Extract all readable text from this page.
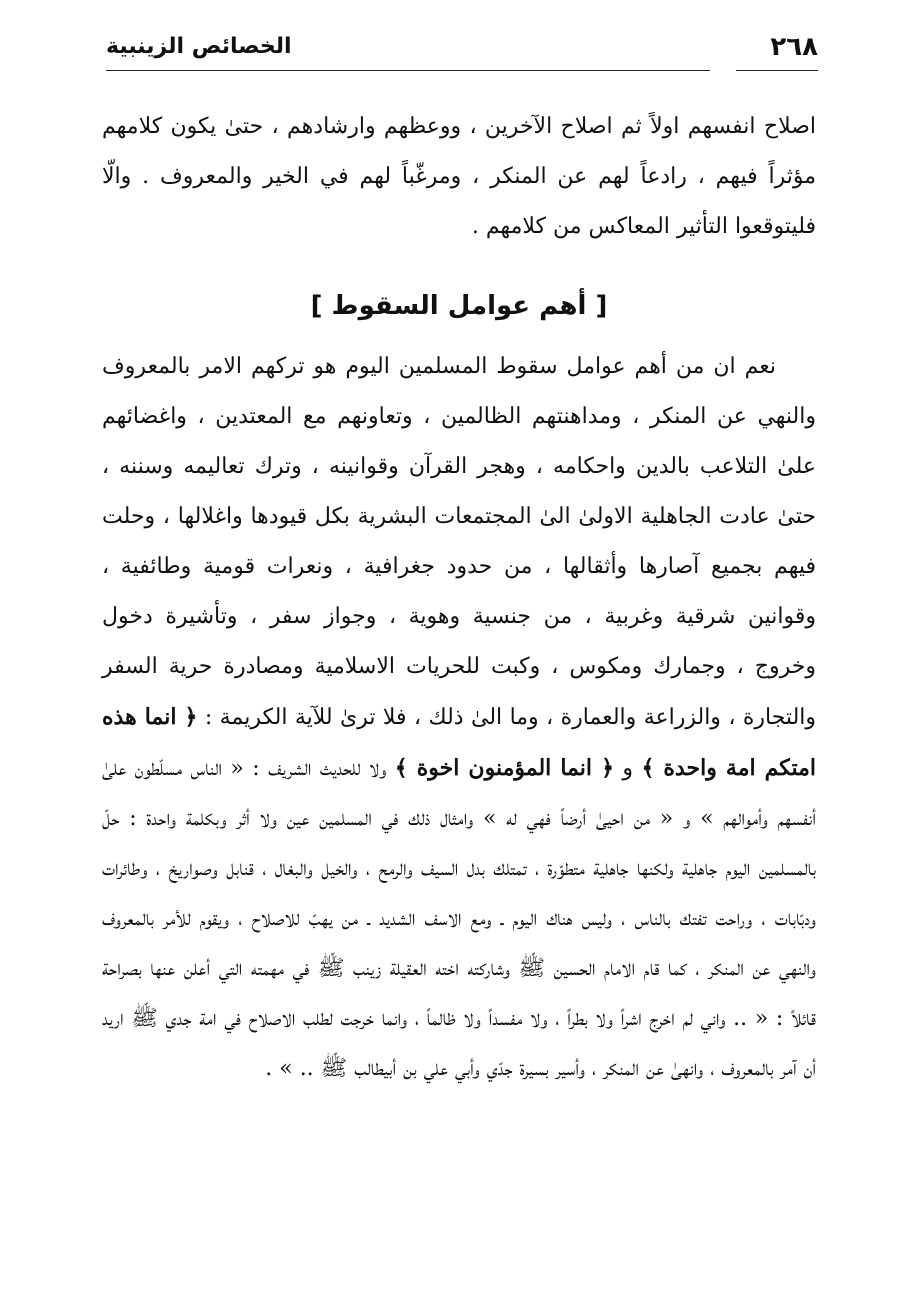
٢٦٨
الخصائص الزينبية

اصلاح انفسهم اولاً ثم اصلاح الآخرين ، ووعظهم وارشادهم ، حتىٰ يكون كلامهم مؤثراً فيهم ، رادعاً لهم عن المنكر ، ومرغّباً لهم في الخير والمعروف . والّا فليتوقعوا التأثير المعاكس من كلامهم .

[ أهم عوامل السقوط ]

نعم ان من أهم عوامل سقوط المسلمين اليوم هو تركهم الامر بالمعروف والنهي عن المنكر ، ومداهنتهم الظالمين ، وتعاونهم مع المعتدين ، واغضائهم علىٰ التلاعب بالدين واحكامه ، وهجر القرآن وقوانينه ، وترك تعاليمه وسننه ، حتىٰ عادت الجاهلية الاولىٰ الىٰ المجتمعات البشرية بكل قيودها واغلالها ، وحلت فيهم بجميع آصارها وأثقالها ، من حدود جغرافية ، ونعرات قومية وطائفية ، وقوانين شرقية وغربية ، من جنسية وهوية ، وجواز سفر ، وتأشيرة دخول وخروج ، وجمارك ومكوس ، وكبت للحريات الاسلامية ومصادرة حرية السفر والتجارة ، والزراعة والعمارة ، وما الىٰ ذلك ، فلا ترىٰ للآية الكريمة : ﴿ انما هذه امتكم امة واحدة ﴾ و ﴿ انما المؤمنون اخوة ﴾ ولا للحديث الشريف : « الناس مسلّطون علىٰ أنفسهم وأموالهم » و « من احيىٰ أرضاً فهي له » وامثال ذلك في المسلمين عين ولا أثر وبكلمة واحدة : حلّ بالمسلمين اليوم جاهلية ولكنها جاهلية متطوّرة ، تمتلك بدل السيف والرمح ، والخيل والبغال ، قنابل وصواريخ ، وطائرات ودبّابات ، وراحت تفتك بالناس ، وليس هناك اليوم ـ ومع الاسف الشديد ـ من يهبّ للاصلاح ، ويقوم للأمر بالمعروف والنهي عن المنكر ، كما قام الامام الحسين ﷺ وشاركته اخته العقيلة زينب ﷺ في مهمته التي أعلن عنها بصراحة قائلاً : « .. واني لم اخرج اشراً ولا بطراً ، ولا مفسداً ولا ظالماً ، وانما خرجت لطلب الاصلاح في امة جدي ﷺ اريد أن آمر بالمعروف ، وانهىٰ عن المنكر ، وأسير بسيرة جدّي وأبي علي بن أبيطالب ﷺ .. » .
